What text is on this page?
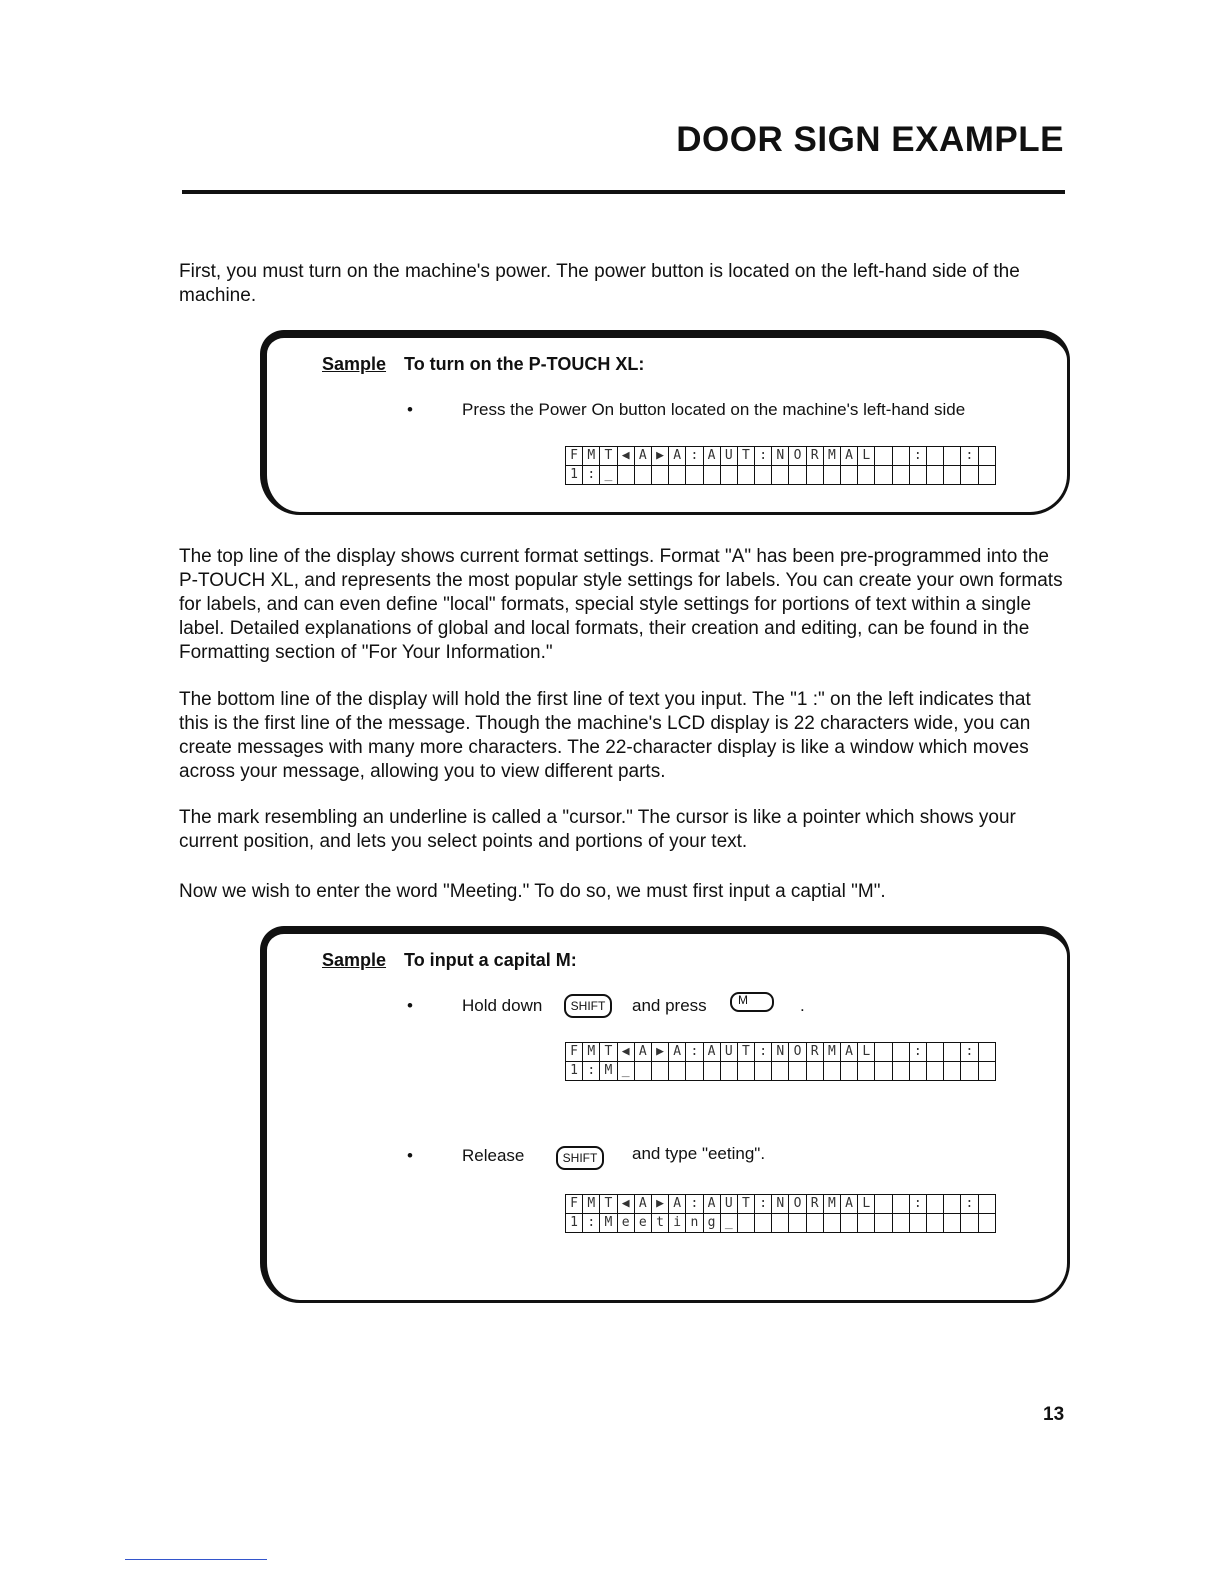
DOOR SIGN EXAMPLE

First, you must turn on the machine's power. The power button is located on the left-hand side of the machine.

Sample To turn on the P-TOUCH XL:
•	Press the Power On button located on the machine's left-hand side
F	M	T	◀	A	▶	A	:	A	U	T	:	N	O	R	M	A	L			:			:	
1	:	_																						

The top line of the display shows current format settings. Format "A" has been pre-programmed into the P-TOUCH XL, and represents the most popular style settings for labels. You can create your own formats for labels, and can even define "local" formats, special style settings for portions of text within a single label. Detailed explanations of global and local formats, their creation and editing, can be found in the Formatting section of "For Your Information."

The bottom line of the display will hold the first line of text you input. The "1 :" on the left indicates that this is the first line of the message. Though the machine's LCD display is 22 characters wide, you can create messages with many more characters. The 22-character display is like a window which moves across your message, allowing you to view different parts.

The mark resembling an underline is called a "cursor." The cursor is like a pointer which shows your current position, and lets you select points and portions of your text.

Now we wish to enter the word "Meeting." To do so, we must first input a captial "M".

Sample To input a capital M:
•	Hold down	SHIFT	and press	M	.
F	M	T	◀	A	▶	A	:	A	U	T	:	N	O	R	M	A	L			:			:	
1	:	M	_																					
•	Release	SHIFT	and type "eeting".
F	M	T	◀	A	▶	A	:	A	U	T	:	N	O	R	M	A	L			:			:	
1	:	M	e	e	t	i	n	g	_															
13
